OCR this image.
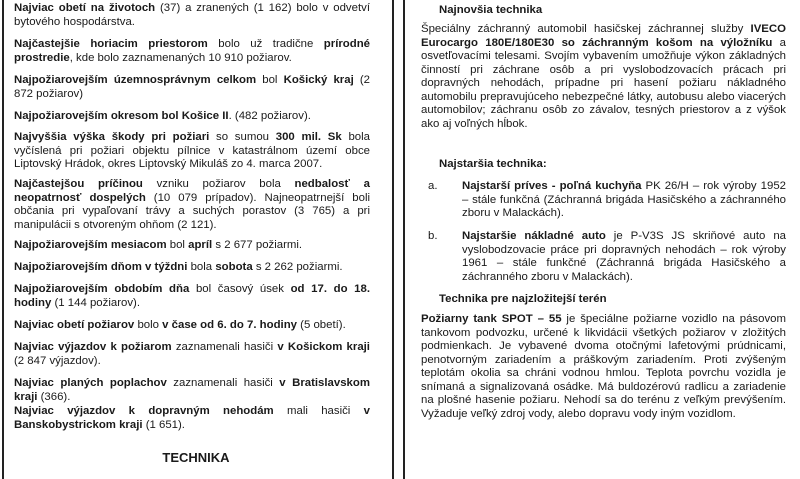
Najviac obetí na životoch (37) a zranených (1 162) bolo v odvetví bytového hospodárstva.

Najčastejšie horiacim priestorom bolo už tradične prírodné prostredie, kde bolo zaznamenaných 10 910 požiarov.

Najpožiarovejším územnosprávnym celkom bol Košický kraj (2 872 požiarov)

Najpožiarovejším okresom bol Košice II. (482 požiarov).

Najvyššia výška škody pri požiari so sumou 300 mil. Sk bola vyčíslená pri požiari objektu pílnice v katastrálnom území obce Liptovský Hrádok, okres Liptovský Mikuláš zo 4. marca 2007.

Najčastejšou príčinou vzniku požiarov bola nedbalosť a neopatrnosť dospelých (10 079 prípadov). Najneopatrnejší boli občania pri vypaľovaní trávy a suchých porastov (3 765) a pri manipulácii s otvoreným ohňom (2 121).

Najpožiarovejším mesiacom bol apríl s 2 677 požiarmi.

Najpožiarovejším dňom v týždni bola sobota s 2 262 požiarmi.

Najpožiarovejším obdobím dňa bol časový úsek od 17. do 18. hodiny (1 144 požiarov).

Najviac obetí požiarov bolo v čase od 6. do 7. hodiny (5 obetí).

Najviac výjazdov k požiarom zaznamenali hasiči v Košickom kraji (2 847 výjazdov).

Najviac planých poplachov zaznamenali hasiči v Bratislavskom kraji (366).

Najviac výjazdov k dopravným nehodám mali hasiči v Banskobystrickom kraji (1 651).

TECHNIKA

Najnovšia technika

Špeciálny záchranný automobil hasičskej záchrannej služby IVECO Eurocargo 180E/180E30 so záchranným košom na výložníku a osvetľovacími telesami. Svojím vybavením umožňuje výkon základných činností pri záchrane osôb a pri vyslobodzovacích prácach pri dopravných nehodách, prípadne pri hasení požiaru nákladného automobilu prepravujúceho nebezpečné látky, autobusu alebo viacerých automobilov; záchranu osôb zo závalov, tesných priestorov a z výšok ako aj voľných hĺbok.

Najstaršia technika:

a. Najstarší príves - poľná kuchyňa PK 26/H – rok výroby 1952 – stále funkčná (Záchranná brigáda Hasičského a záchranného zboru v Malackách).

b. Najstaršie nákladné auto je P-V3S JS skriňové auto na vyslobodzovacie práce pri dopravných nehodách – rok výroby 1961 – stále funkčné (Záchranná brigáda Hasičského a záchranného zboru v Malackách).

Technika pre najzložitejší terén

Požiarny tank SPOT – 55 je špeciálne požiarne vozidlo na pásovom tankovom podvozku, určené k likvidácii všetkých požiarov v zložitých podmienkach. Je vybavené dvoma otočnými lafetovými prúdnicami, penotvorným zariadením a práškovým zariadením. Proti zvýšeným teplotám okolia sa chráni vodnou hmlou. Teplota povrchu vozidla je snímaná a signalizovaná osádke. Má buldozérovú radlicu a zariadenie na plošné hasenie požiaru. Nehodí sa do terénu z veľkým prevýšením. Vyžaduje veľký zdroj vody, alebo dopravu vody iným vozidlom.
